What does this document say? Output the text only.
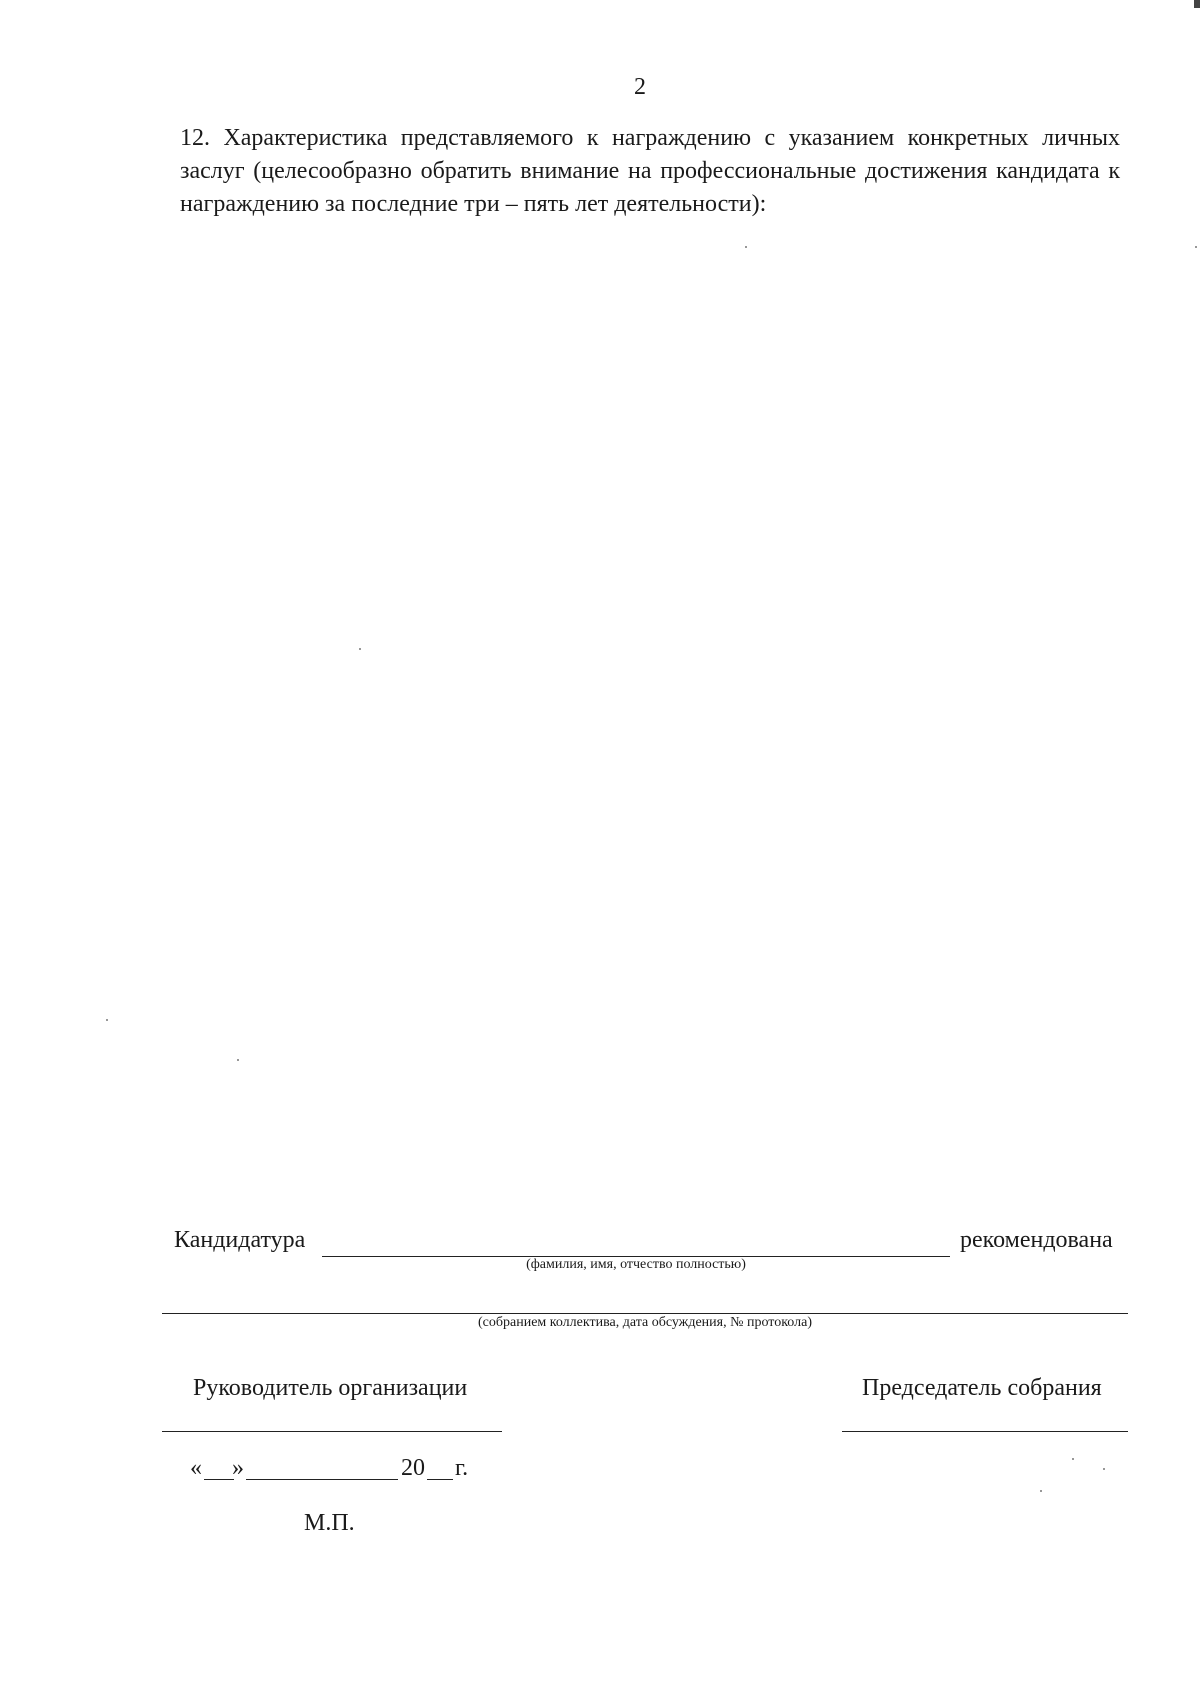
2

12. Характеристика представляемого к награждению с указанием конкретных личных заслуг (целесообразно обратить внимание на профессиональные достижения кандидата к награждению за последние три – пять лет деятельности):

Кандидатура	рекомендована
(фамилия, имя, отчество полностью)
(собранием коллектива, дата обсуждения, № протокола)
Руководитель организации	Председатель собрания
« »	20 г.
М.П.
